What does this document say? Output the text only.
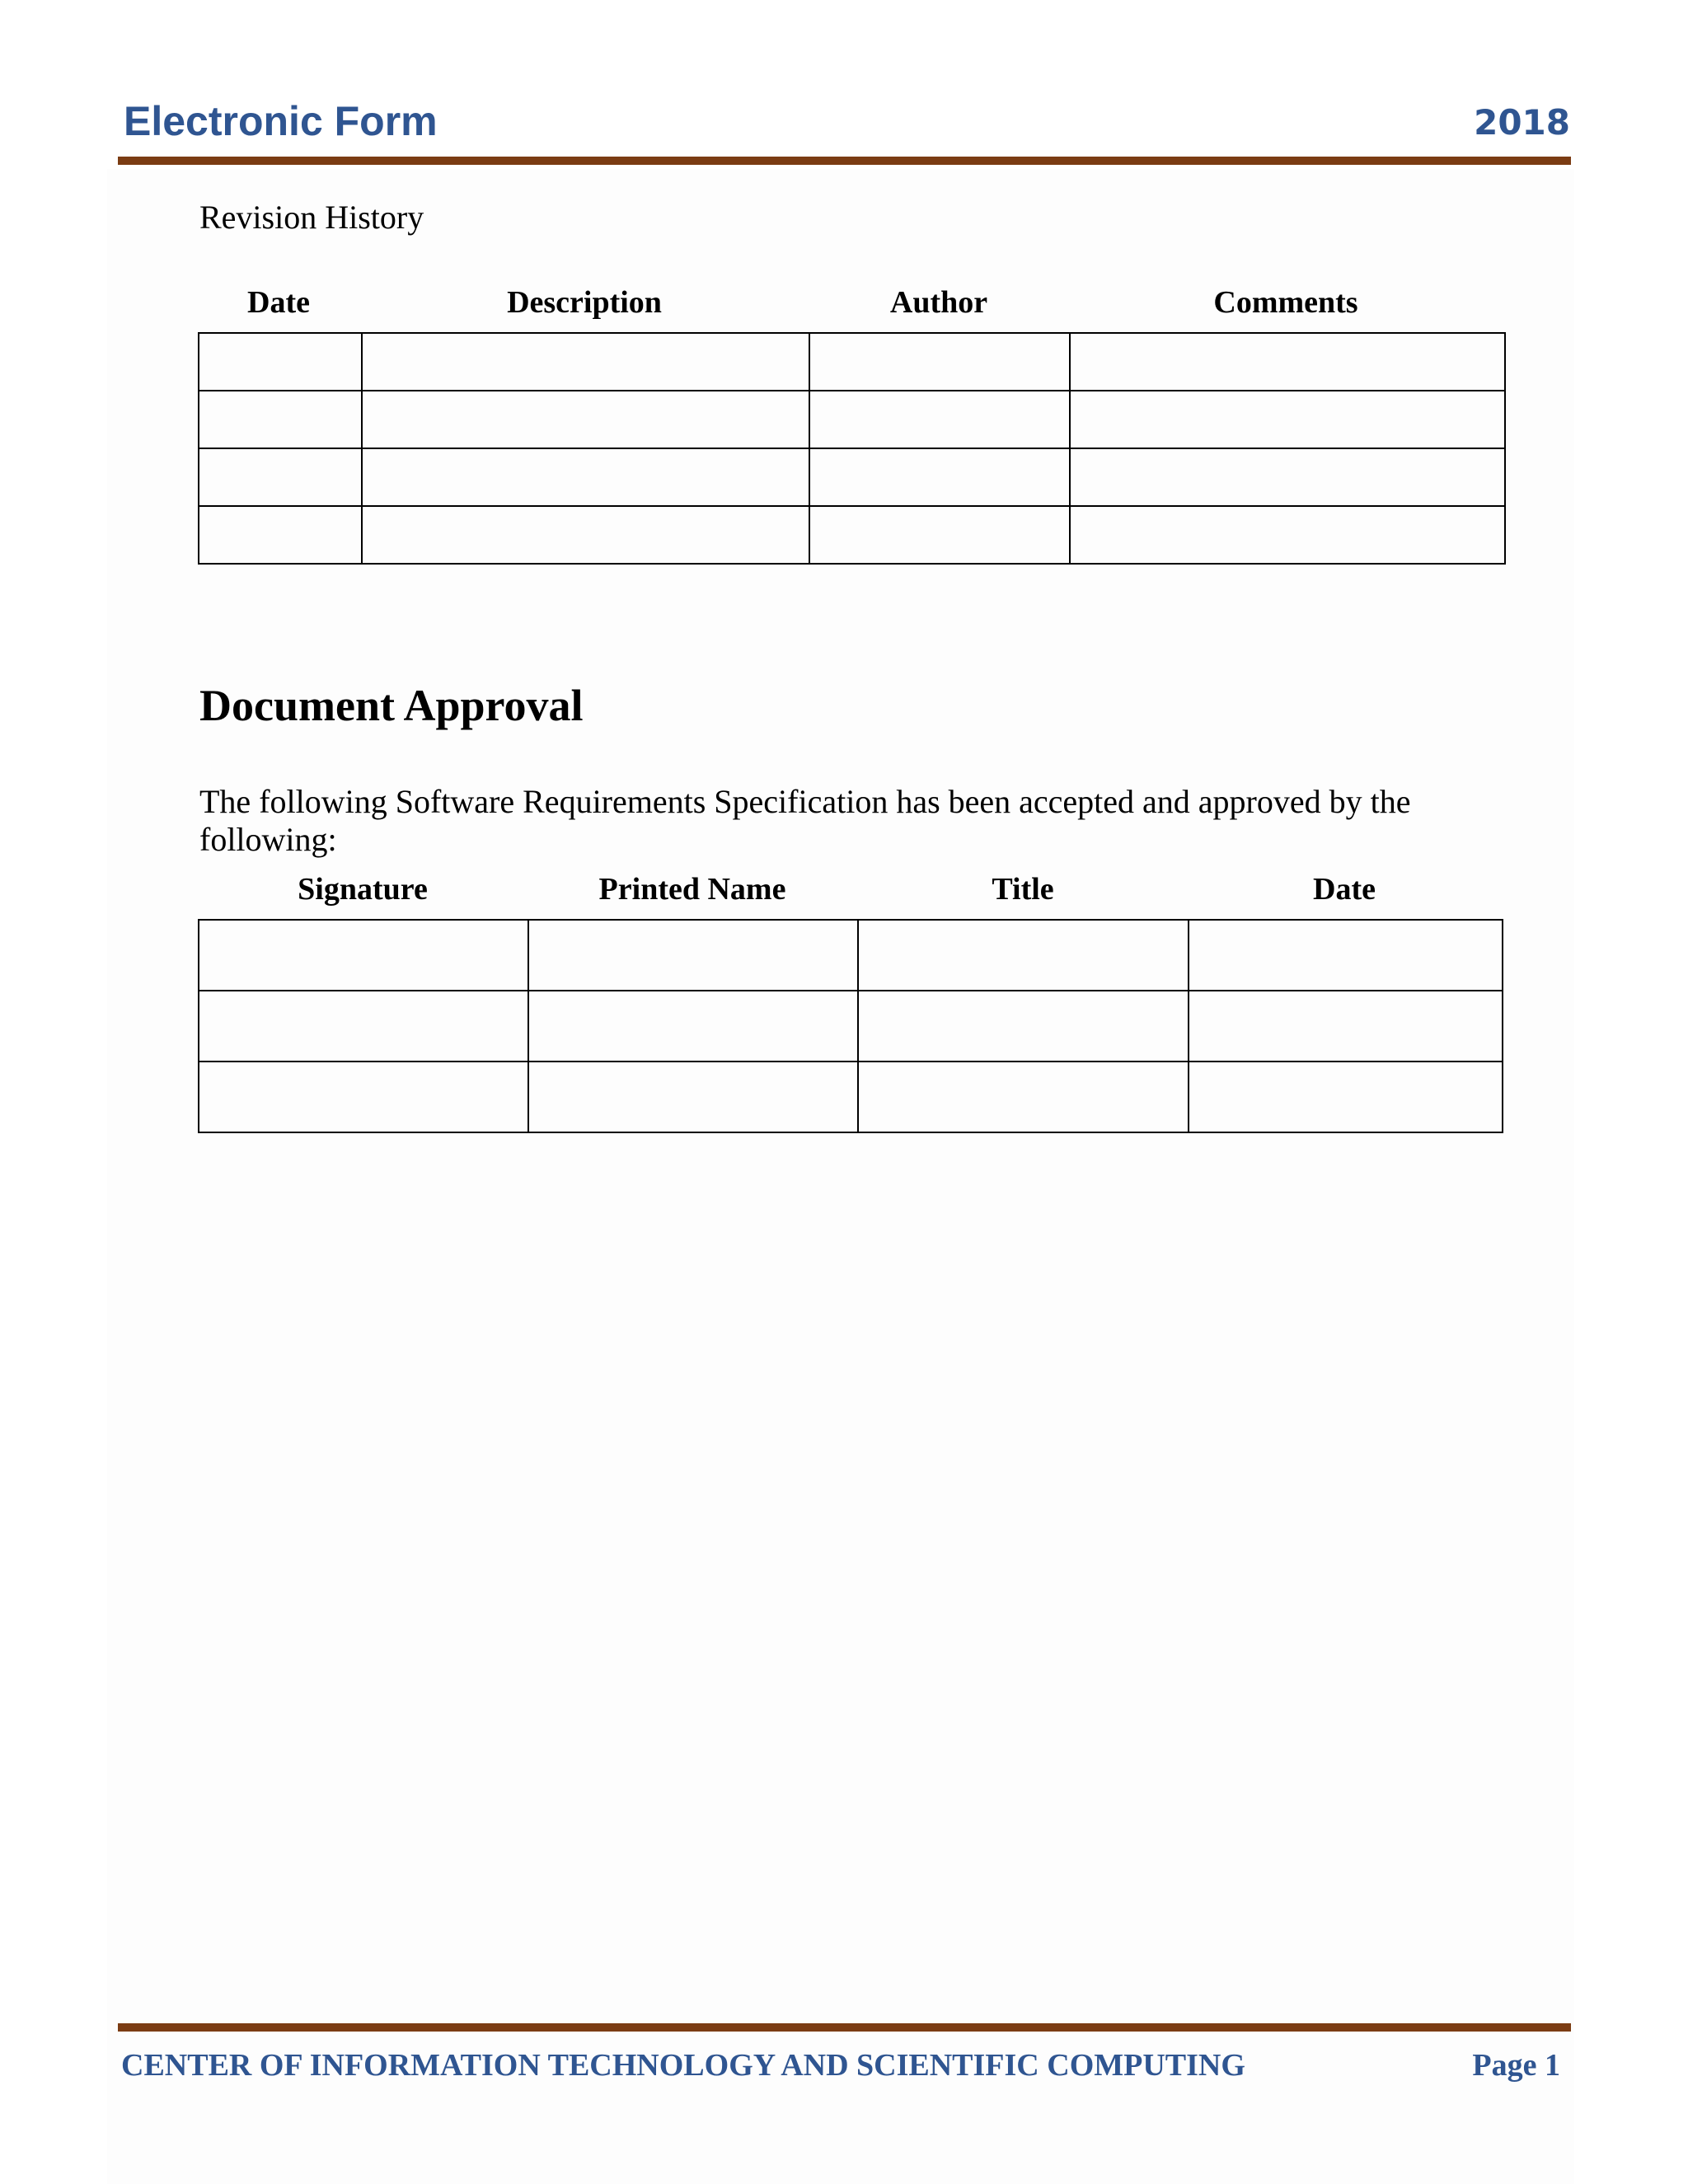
Electronic Form	2018
Revision History
Date	Description	Author	Comments

Document Approval
The following Software Requirements Specification has been accepted and approved by the following:
Signature	Printed Name	Title	Date

CENTER OF INFORMATION TECHNOLOGY AND SCIENTIFIC COMPUTING	Page 1
